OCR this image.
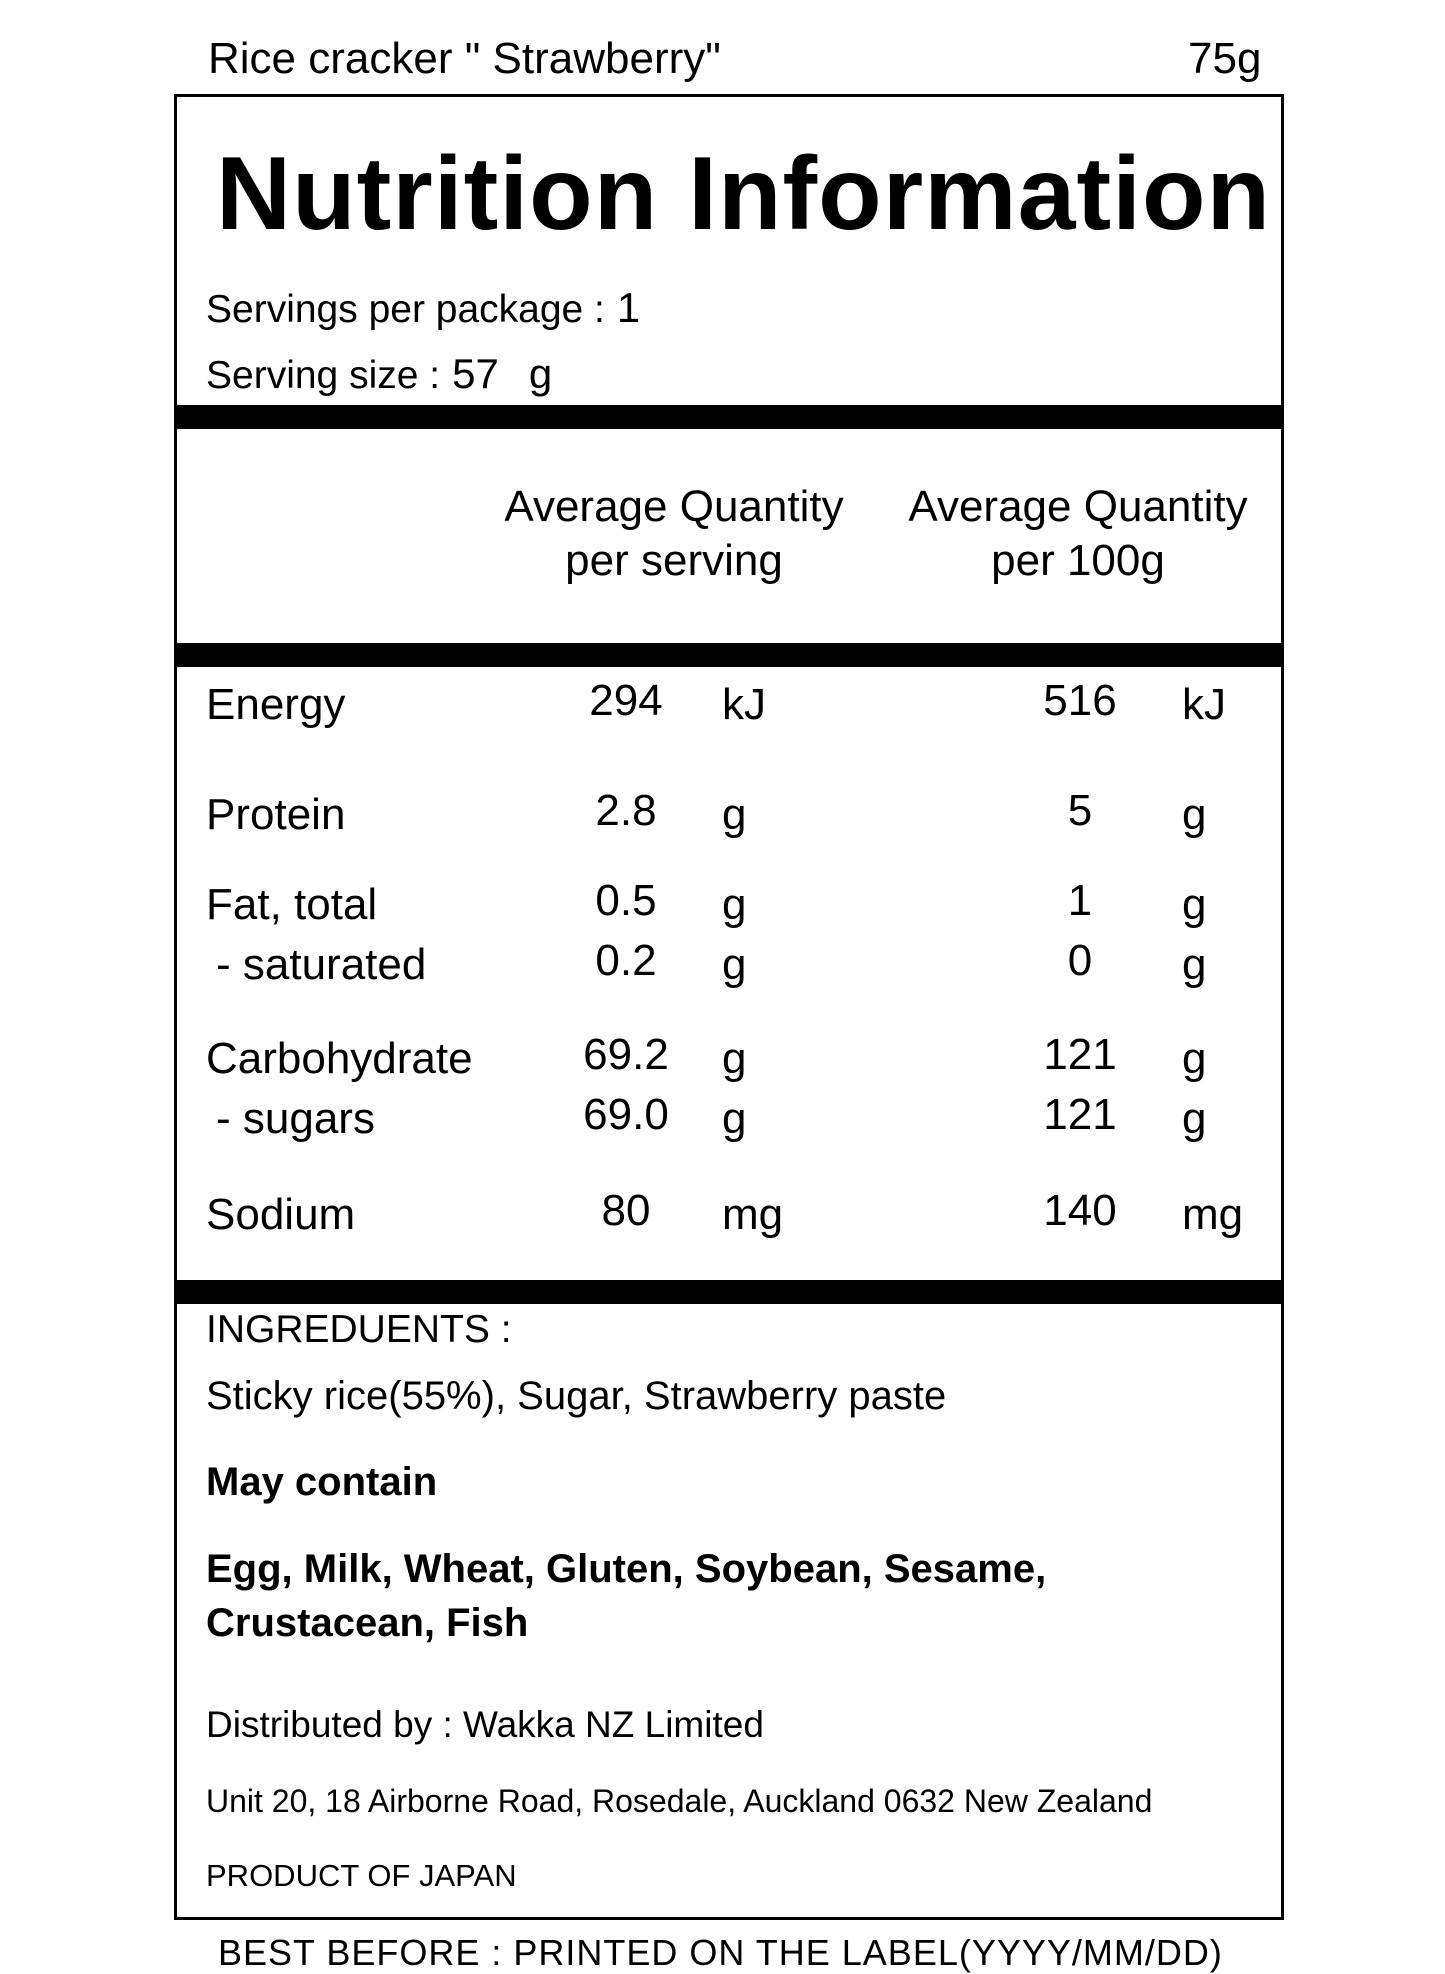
Rice cracker " Strawberry"	75g
Nutrition Information
Servings per package : 1
Serving size : 57 g
Average Quantity
per serving
Average Quantity
per 100g
Energy	294	kJ	516	kJ
Protein	2.8	g	5	g
Fat, total	0.5	g	1	g
- saturated	0.2	g	0	g
Carbohydrate	69.2	g	121	g
- sugars	69.0	g	121	g
Sodium	80	mg	140	mg
INGREDUENTS :
Sticky rice(55%), Sugar, Strawberry paste
May contain
Egg, Milk, Wheat, Gluten, Soybean, Sesame, Crustacean, Fish
Distributed by : Wakka NZ Limited
Unit 20, 18 Airborne Road, Rosedale, Auckland 0632 New Zealand
PRODUCT OF JAPAN
BEST BEFORE : PRINTED ON THE LABEL(YYYY/MM/DD)
